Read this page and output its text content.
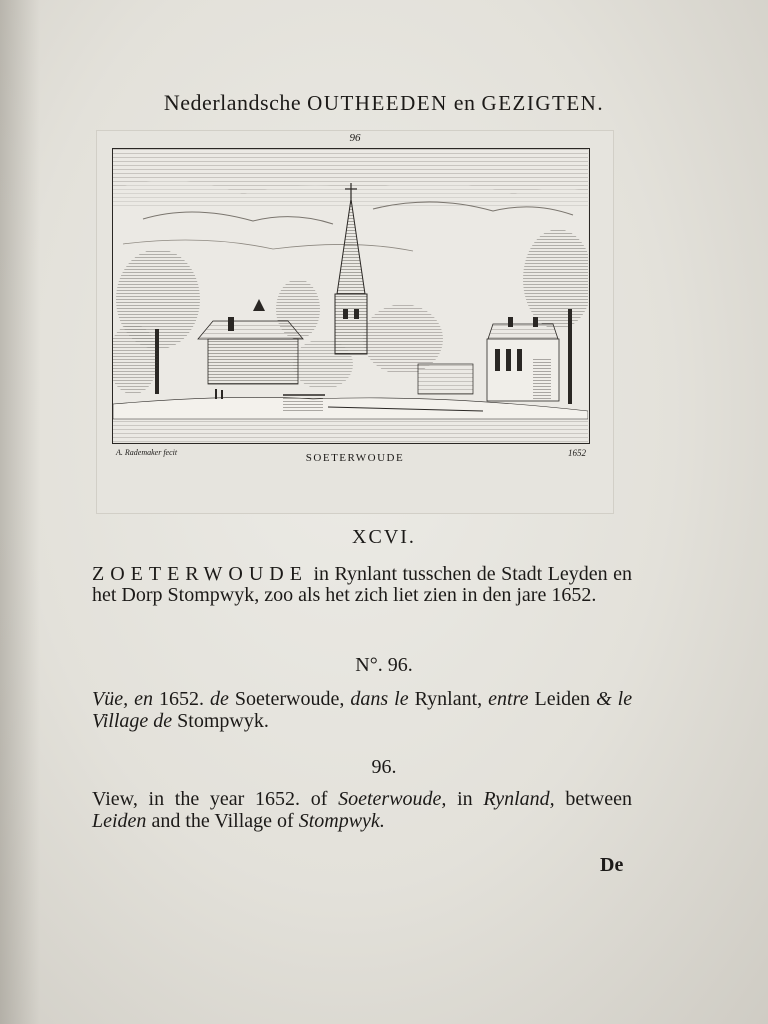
Nederlandsche OUTHEEDEN en GEZIGTEN.
96
A. Rademaker fecit	SOETERWOUDE	1652
XCVI.
ZOETERWOUDE in Rynlant tusschen de Stadt Leyden en het Dorp Stompwyk, zoo als het zich liet zien in den jare 1652.
N°. 96.
Vüe, en 1652. de Soeterwoude, dans le Rynlant, entre Leiden & le Village de Stompwyk.
96.
View, in the year 1652. of Soeterwoude, in Rynland, between Leiden and the Village of Stompwyk.
De
